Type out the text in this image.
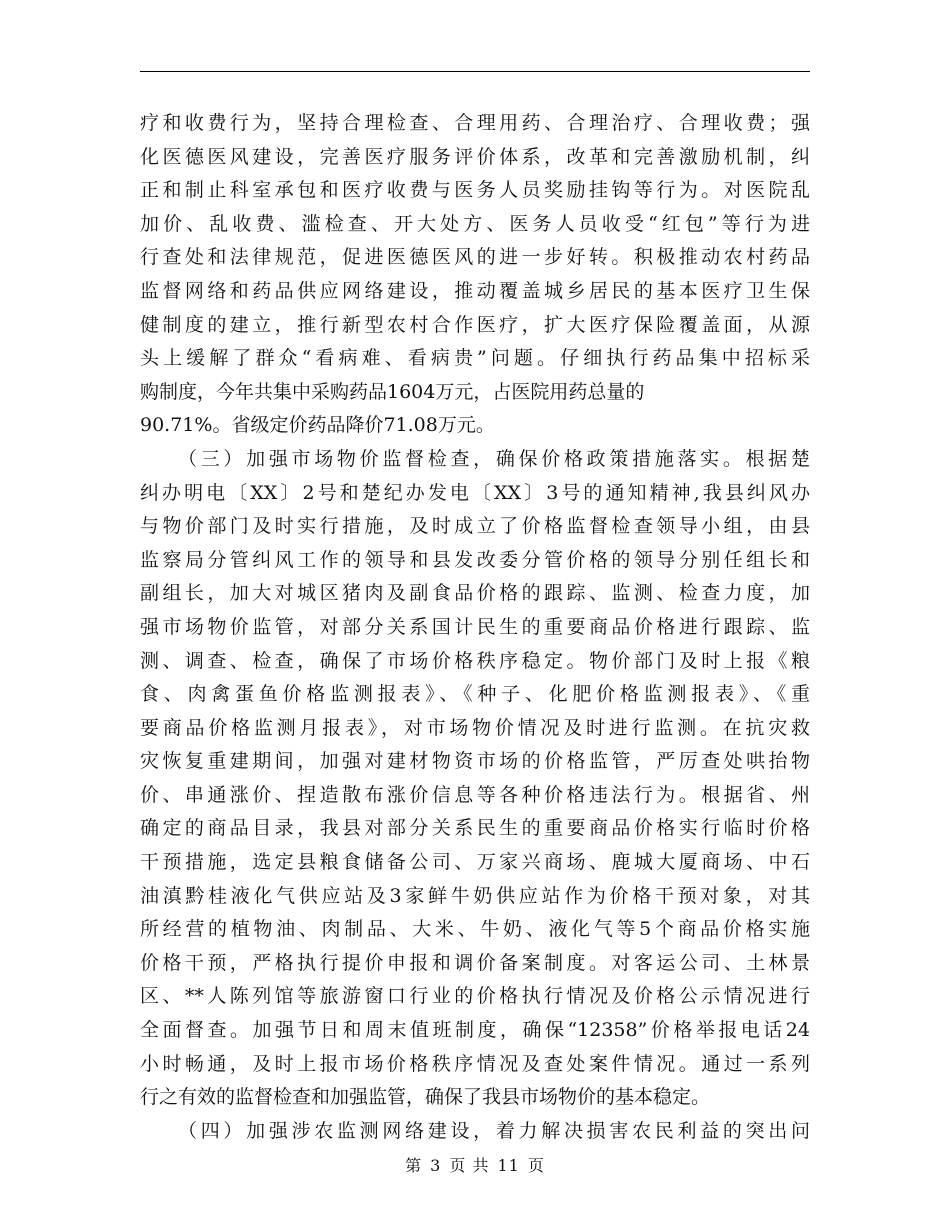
疗和收费行为，坚持合理检查、合理用药、合理治疗、合理收费；强
化医德医风建设，完善医疗服务评价体系，改革和完善激励机制，纠
正和制止科室承包和医疗收费与医务人员奖励挂钩等行为。对医院乱
加价、乱收费、滥检查、开大处方、医务人员收受“红包”等行为进
行查处和法律规范，促进医德医风的进一步好转。积极推动农村药品
监督网络和药品供应网络建设，推动覆盖城乡居民的基本医疗卫生保
健制度的建立，推行新型农村合作医疗，扩大医疗保险覆盖面，从源
头上缓解了群众“看病难、看病贵”问题。仔细执行药品集中招标采
购制度，今年共集中采购药品1604万元，占医院用药总量的
90.71%。省级定价药品降价71.08万元。
（三）加强市场物价监督检查，确保价格政策措施落实。根据楚
纠办明电〔XX〕2号和楚纪办发电〔XX〕3号的通知精神,我县纠风办
与物价部门及时实行措施，及时成立了价格监督检查领导小组，由县
监察局分管纠风工作的领导和县发改委分管价格的领导分别任组长和
副组长，加大对城区猪肉及副食品价格的跟踪、监测、检查力度，加
强市场物价监管，对部分关系国计民生的重要商品价格进行跟踪、监
测、调查、检查，确保了市场价格秩序稳定。物价部门及时上报《粮
食、肉禽蛋鱼价格监测报表》、《种子、化肥价格监测报表》、《重
要商品价格监测月报表》，对市场物价情况及时进行监测。在抗灾救
灾恢复重建期间，加强对建材物资市场的价格监管，严厉查处哄抬物
价、串通涨价、捏造散布涨价信息等各种价格违法行为。根据省、州
确定的商品目录，我县对部分关系民生的重要商品价格实行临时价格
干预措施，选定县粮食储备公司、万家兴商场、鹿城大厦商场、中石
油滇黔桂液化气供应站及3家鲜牛奶供应站作为价格干预对象，对其
所经营的植物油、肉制品、大米、牛奶、液化气等5个商品价格实施
价格干预，严格执行提价申报和调价备案制度。对客运公司、土林景
区、**人陈列馆等旅游窗口行业的价格执行情况及价格公示情况进行
全面督查。加强节日和周末值班制度，确保“12358”价格举报电话24
小时畅通，及时上报市场价格秩序情况及查处案件情况。通过一系列
行之有效的监督检查和加强监管，确保了我县市场物价的基本稳定。
（四）加强涉农监测网络建设，着力解决损害农民利益的突出问
第 3 页 共 11 页
